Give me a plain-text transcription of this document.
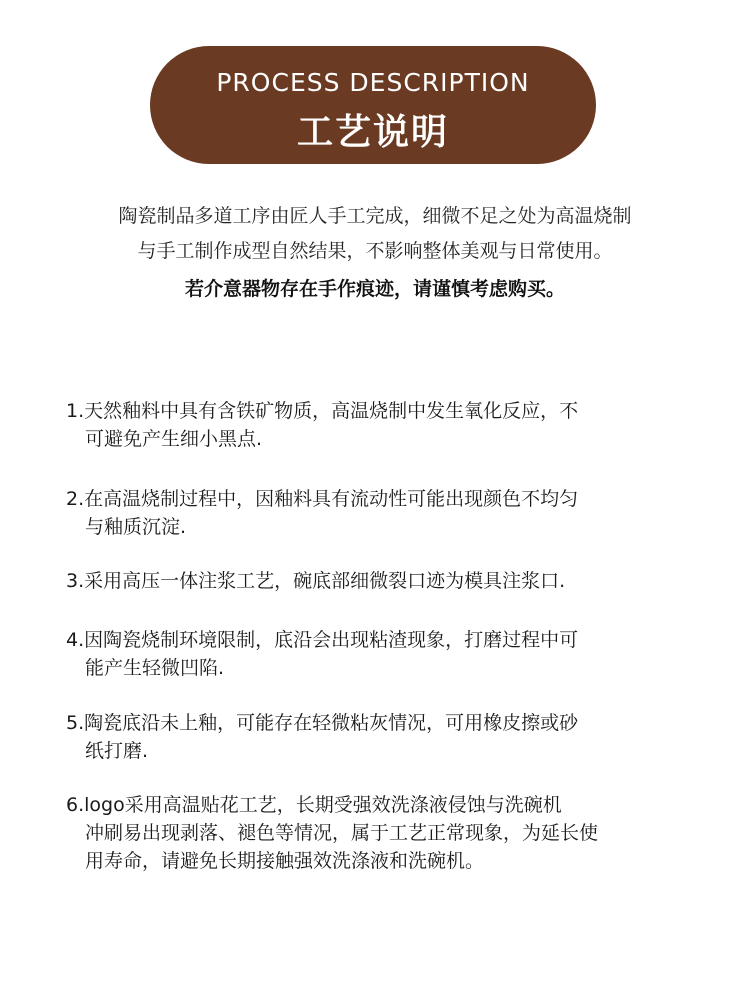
PROCESS DESCRIPTION
工艺说明
陶瓷制品多道工序由匠人手工完成，细微不足之处为高温烧制
与手工制作成型自然结果，不影响整体美观与日常使用。
若介意器物存在手作痕迹，请谨慎考虑购买。
1.天然釉料中具有含铁矿物质，高温烧制中发生氧化反应，不
可避免产生细小黑点.
2.在高温烧制过程中，因釉料具有流动性可能出现颜色不均匀
与釉质沉淀.
3.采用高压一体注浆工艺，碗底部细微裂口迹为模具注浆口.
4.因陶瓷烧制环境限制，底沿会出现粘渣现象，打磨过程中可
能产生轻微凹陷.
5.陶瓷底沿未上釉，可能存在轻微粘灰情况，可用橡皮擦或砂
纸打磨.
6.logo采用高温贴花工艺，长期受强效洗涤液侵蚀与洗碗机
冲刷易出现剥落、褪色等情况，属于工艺正常现象，为延长使
用寿命，请避免长期接触强效洗涤液和洗碗机。
